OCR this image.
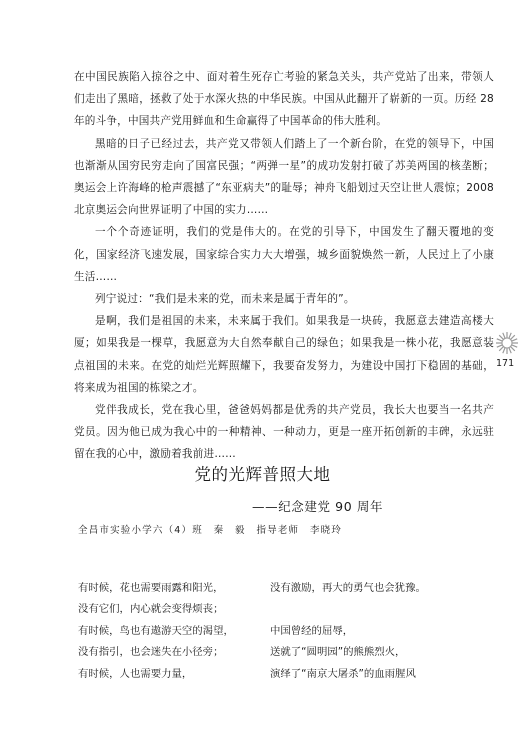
在中国民族陷入掠谷之中、面对着生死存亡考验的紧急关头，共产党站了出来，带领人们走出了黑暗，拯救了处于水深火热的中华民族。中国从此翻开了崭新的一页。历经 28 年的斗争，中国共产党用鲜血和生命赢得了中国革命的伟大胜利。

黑暗的日子已经过去，共产党又带领人们踏上了一个新台阶，在党的领导下，中国也渐渐从国穷民穷走向了国富民强；“两弹一星”的成功发射打破了苏美两国的核垄断；奥运会上许海峰的枪声震撼了“东亚病夫”的耻辱；神舟飞船划过天空让世人震惊；2008 北京奥运会向世界证明了中国的实力……

一个个奇迹证明，我们的党是伟大的。在党的引导下，中国发生了翻天覆地的变化，国家经济飞速发展，国家综合实力大大增强，城乡面貌焕然一新，人民过上了小康生活……

列宁说过：“我们是未来的党，而未来是属于青年的”。

是啊，我们是祖国的未来，未来属于我们。如果我是一块砖，我愿意去建造高楼大厦；如果我是一棵草，我愿意为大自然奉献自己的绿色；如果我是一株小花，我愿意装点祖国的未来。在党的灿烂光辉照耀下，我要奋发努力，为建设中国打下稳固的基础，将来成为祖国的栋梁之才。

党伴我成长，党在我心里，爸爸妈妈都是优秀的共产党员，我长大也要当一名共产党员。因为他已成为我心中的一种精神、一种动力，更是一座开拓创新的丰碑，永远驻留在我的心中，激励着我前进……

171
党的光辉普照大地
——纪念建党 90 周年
全昌市实验小学六（4）班　秦　毅　指导老师　李晓玲

有时候，花也需要雨露和阳光，

没有它们，内心就会变得烦丧；

有时候，鸟也有遨游天空的渴望，

没有指引，也会迷失在小径旁；

有时候，人也需要力量，

没有激励，再大的勇气也会犹豫。

中国曾经的屈辱，

送就了“圆明园”的熊熊烈火，

演绎了“南京大屠杀”的血雨腥风
